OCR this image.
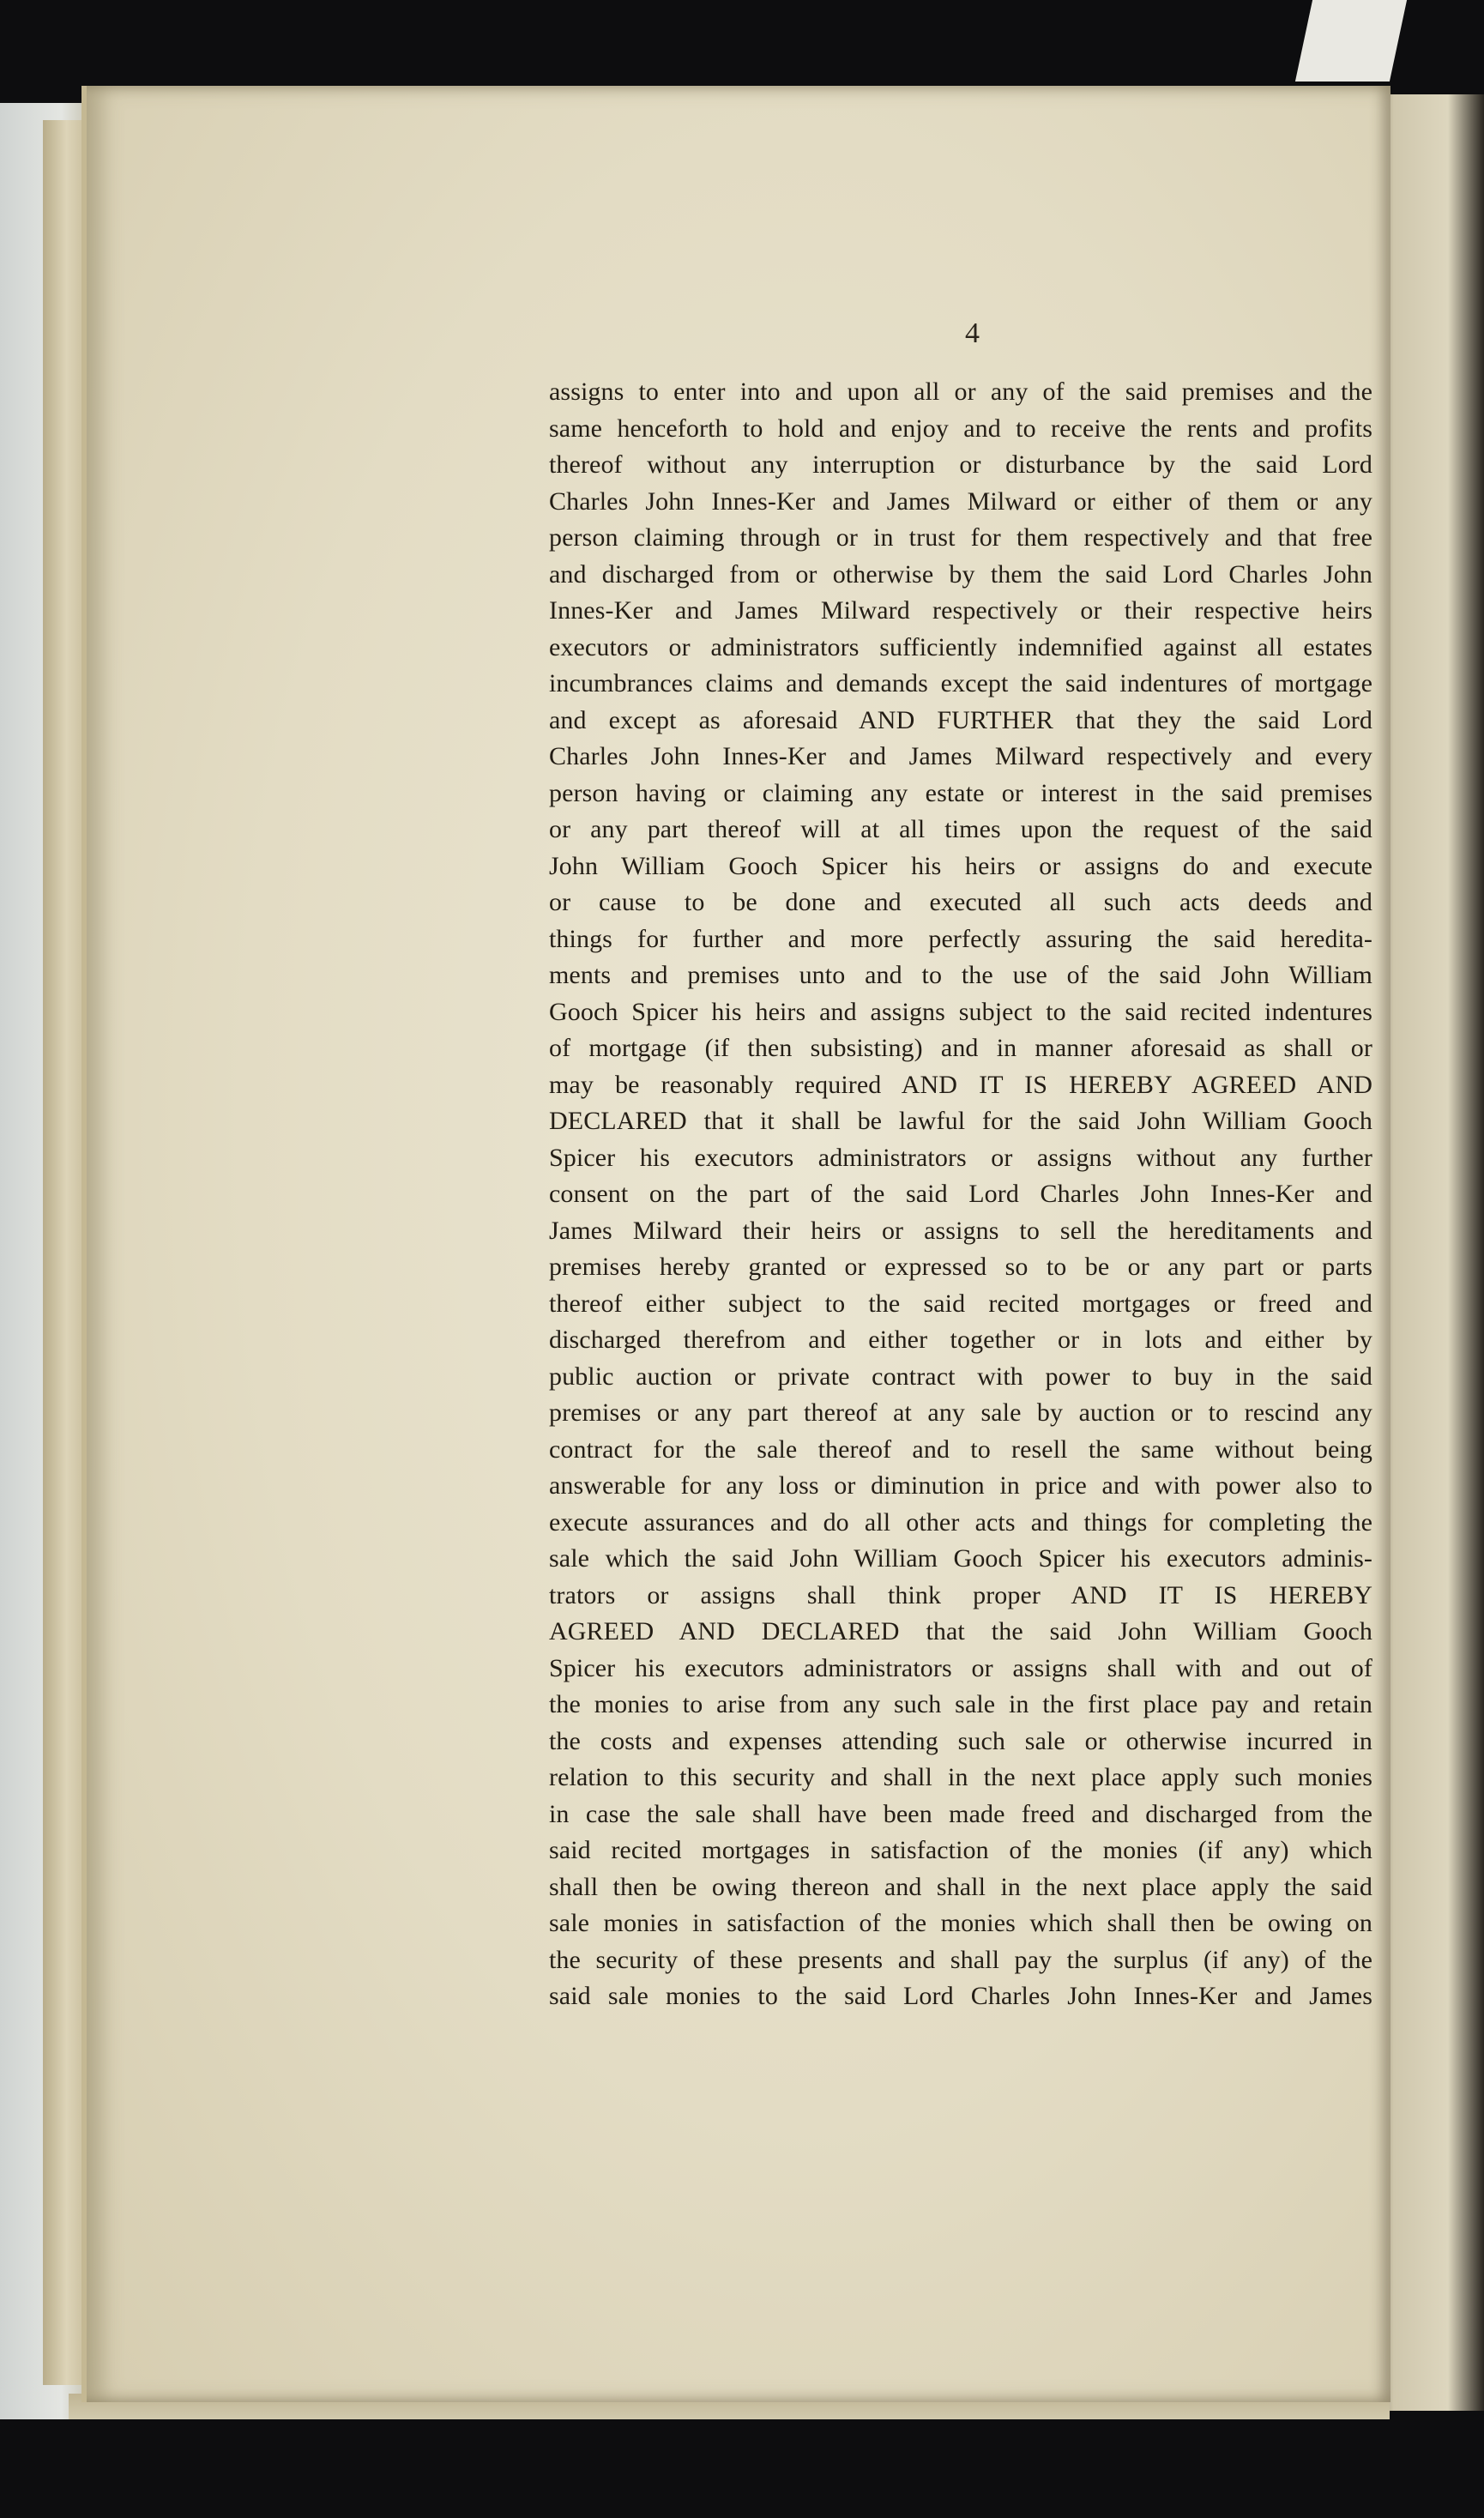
4
assigns to enter into and upon all or any of the said premises and the
same henceforth to hold and enjoy and to receive the rents and profits
thereof without any interruption or disturbance by the said Lord
Charles John Innes-Ker and James Milward or either of them or any
person claiming through or in trust for them respectively and that free
and discharged from or otherwise by them the said Lord Charles John
Innes-Ker and James Milward respectively or their respective heirs
executors or administrators sufficiently indemnified against all estates
incumbrances claims and demands except the said indentures of mortgage
and except as aforesaid AND FURTHER that they the said Lord
Charles John Innes-Ker and James Milward respectively and every
person having or claiming any estate or interest in the said premises
or any part thereof will at all times upon the request of the said
John William Gooch Spicer his heirs or assigns do and execute
or cause to be done and executed all such acts deeds and
things for further and more perfectly assuring the said heredita-
ments and premises unto and to the use of the said John William
Gooch Spicer his heirs and assigns subject to the said recited indentures
of mortgage (if then subsisting) and in manner aforesaid as shall or
may be reasonably required AND IT IS HEREBY AGREED AND
DECLARED that it shall be lawful for the said John William Gooch
Spicer his executors administrators or assigns without any further
consent on the part of the said Lord Charles John Innes-Ker and
James Milward their heirs or assigns to sell the hereditaments and
premises hereby granted or expressed so to be or any part or parts
thereof either subject to the said recited mortgages or freed and
discharged therefrom and either together or in lots and either by
public auction or private contract with power to buy in the said
premises or any part thereof at any sale by auction or to rescind any
contract for the sale thereof and to resell the same without being
answerable for any loss or diminution in price and with power also to
execute assurances and do all other acts and things for completing the
sale which the said John William Gooch Spicer his executors adminis-
trators or assigns shall think proper AND IT IS HEREBY
AGREED AND DECLARED that the said John William Gooch
Spicer his executors administrators or assigns shall with and out of
the monies to arise from any such sale in the first place pay and retain
the costs and expenses attending such sale or otherwise incurred in
relation to this security and shall in the next place apply such monies
in case the sale shall have been made freed and discharged from the
said recited mortgages in satisfaction of the monies (if any) which
shall then be owing thereon and shall in the next place apply the said
sale monies in satisfaction of the monies which shall then be owing on
the security of these presents and shall pay the surplus (if any) of the
said sale monies to the said Lord Charles John Innes-Ker and James
